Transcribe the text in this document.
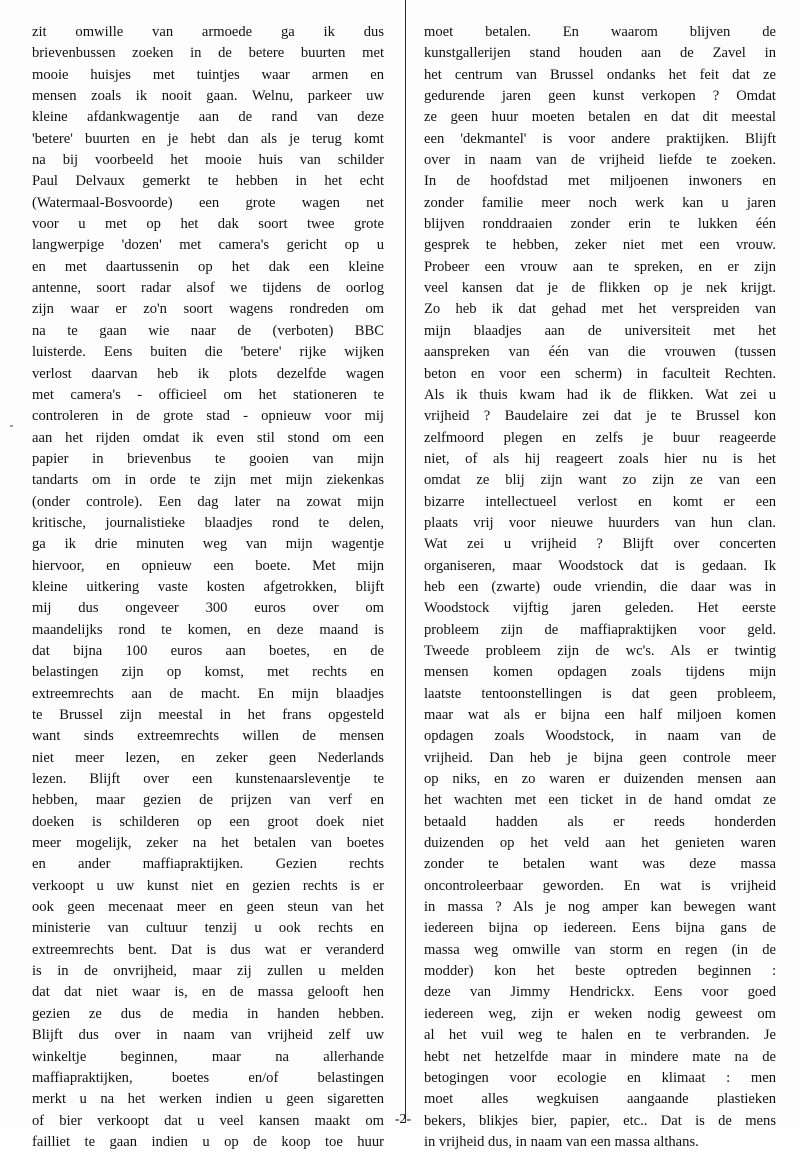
zit omwille van armoede ga ik dus
brievenbussen zoeken in de betere buurten met
mooie huisjes met tuintjes waar armen en
mensen zoals ik nooit gaan. Welnu, parkeer uw
kleine afdankwagentje aan de rand van deze
'betere' buurten en je hebt dan als je terug komt
na bij voorbeeld het mooie huis van schilder
Paul Delvaux gemerkt te hebben in het echt
(Watermaal-Bosvoorde) een grote wagen net
voor u met op het dak soort twee grote
langwerpige 'dozen' met camera's gericht op u
en met daartussenin op het dak een kleine
antenne, soort radar alsof we tijdens de oorlog
zijn waar er zo'n soort wagens rondreden om
na te gaan wie naar de (verboten) BBC
luisterde. Eens buiten die 'betere' rijke wijken
verlost daarvan heb ik plots dezelfde wagen
met camera's - officieel om het stationeren te
controleren in de grote stad - opnieuw voor mij
aan het rijden omdat ik even stil stond om een
papier in brievenbus te gooien van mijn
tandarts om in orde te zijn met mijn ziekenkas
(onder controle). Een dag later na zowat mijn
kritische, journalistieke blaadjes rond te delen,
ga ik drie minuten weg van mijn wagentje
hiervoor, en opnieuw een boete. Met mijn
kleine uitkering vaste kosten afgetrokken, blijft
mij dus ongeveer 300 euros over om
maandelijks rond te komen, en deze maand is
dat bijna 100 euros aan boetes, en de
belastingen zijn op komst, met rechts en
extreemrechts aan de macht. En mijn blaadjes
te Brussel zijn meestal in het frans opgesteld
want sinds extreemrechts willen de mensen
niet meer lezen, en zeker geen Nederlands
lezen. Blijft over een kunstenaarsleventje te
hebben, maar gezien de prijzen van verf en
doeken is schilderen op een groot doek niet
meer mogelijk, zeker na het betalen van boetes
en ander maffiapraktijken. Gezien rechts
verkoopt u uw kunst niet en gezien rechts is er
ook geen mecenaat meer en geen steun van het
ministerie van cultuur tenzij u ook rechts en
extreemrechts bent. Dat is dus wat er veranderd
is in de onvrijheid, maar zij zullen u melden
dat dat niet waar is, en de massa gelooft hen
gezien ze dus de media in handen hebben.
Blijft dus over in naam van vrijheid zelf uw
winkeltje beginnen, maar na allerhande
maffiapraktijken, boetes en/of belastingen
merkt u na het werken indien u geen sigaretten
of bier verkoopt dat u veel kansen maakt om
failliet te gaan indien u op de koop toe huur
moet betalen. En waarom blijven de
kunstgallerijen stand houden aan de Zavel in
het centrum van Brussel ondanks het feit dat ze
gedurende jaren geen kunst verkopen ? Omdat
ze geen huur moeten betalen en dat dit meestal
een 'dekmantel' is voor andere praktijken. Blijft
over in naam van de vrijheid liefde te zoeken.
In de hoofdstad met miljoenen inwoners en
zonder familie meer noch werk kan u jaren
blijven ronddraaien zonder erin te lukken één
gesprek te hebben, zeker niet met een vrouw.
Probeer een vrouw aan te spreken, en er zijn
veel kansen dat je de flikken op je nek krijgt.
Zo heb ik dat gehad met het verspreiden van
mijn blaadjes aan de universiteit met het
aanspreken van één van die vrouwen (tussen
beton en voor een scherm) in faculteit Rechten.
Als ik thuis kwam had ik de flikken. Wat zei u
vrijheid ? Baudelaire zei dat je te Brussel kon
zelfmoord plegen en zelfs je buur reageerde
niet, of als hij reageert zoals hier nu is het
omdat ze blij zijn want zo zijn ze van een
bizarre intellectueel verlost en komt er een
plaats vrij voor nieuwe huurders van hun clan.
Wat zei u vrijheid ? Blijft over concerten
organiseren, maar Woodstock dat is gedaan. Ik
heb een (zwarte) oude vriendin, die daar was in
Woodstock vijftig jaren geleden. Het eerste
probleem zijn de maffiapraktijken voor geld.
Tweede probleem zijn de wc's. Als er twintig
mensen komen opdagen zoals tijdens mijn
laatste tentoonstellingen is dat geen probleem,
maar wat als er bijna een half miljoen komen
opdagen zoals Woodstock, in naam van de
vrijheid. Dan heb je bijna geen controle meer
op niks, en zo waren er duizenden mensen aan
het wachten met een ticket in de hand omdat ze
betaald hadden als er reeds honderden
duizenden op het veld aan het genieten waren
zonder te betalen want was deze massa
oncontroleerbaar geworden. En wat is vrijheid
in massa ? Als je nog amper kan bewegen want
iedereen bijna op iedereen. Eens bijna gans de
massa weg omwille van storm en regen (in de
modder) kon het beste optreden beginnen :
deze van Jimmy Hendrickx. Eens voor goed
iedereen weg, zijn er weken nodig geweest om
al het vuil weg te halen en te verbranden. Je
hebt net hetzelfde maar in mindere mate na de
betogingen voor ecologie en klimaat : men
moet alles wegkuisen aangaande plastieken
bekers, blikjes bier, papier, etc.. Dat is de mens
in vrijheid dus, in naam van een massa althans.
-2-
